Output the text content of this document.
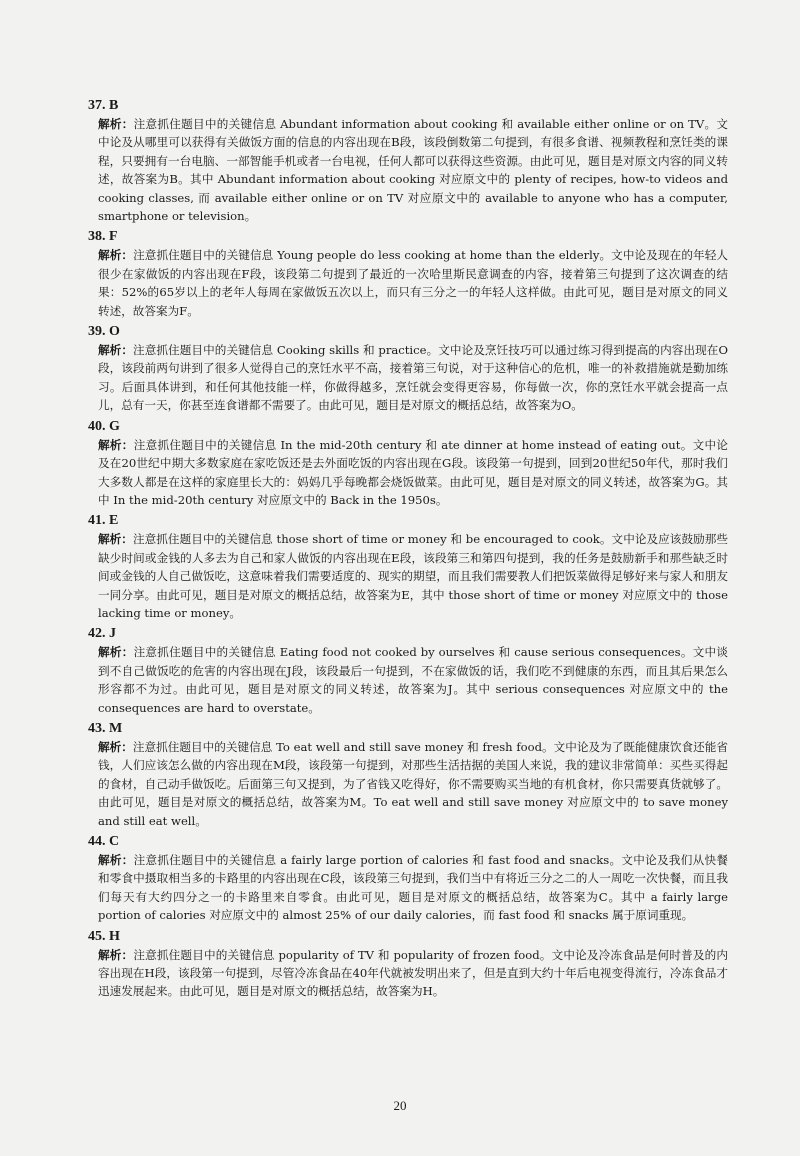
37. B

解析：注意抓住题目中的关键信息 Abundant information about cooking 和 available either online or on TV。文中论及从哪里可以获得有关做饭方面的信息的内容出现在B段，该段倒数第二句提到，有很多食谱、视频教程和烹饪类的课程，只要拥有一台电脑、一部智能手机或者一台电视，任何人都可以获得这些资源。由此可见，题目是对原文内容的同义转述，故答案为B。其中 Abundant information about cooking 对应原文中的 plenty of recipes, how-to videos and cooking classes, 而 available either online or on TV 对应原文中的 available to anyone who has a computer, smartphone or television。

38. F

解析：注意抓住题目中的关键信息 Young people do less cooking at home than the elderly。文中论及现在的年轻人很少在家做饭的内容出现在F段，该段第二句提到了最近的一次哈里斯民意调查的内容，接着第三句提到了这次调查的结果：52%的65岁以上的老年人每周在家做饭五次以上，而只有三分之一的年轻人这样做。由此可见，题目是对原文的同义转述，故答案为F。

39. O

解析：注意抓住题目中的关键信息 Cooking skills 和 practice。文中论及烹饪技巧可以通过练习得到提高的内容出现在O段，该段前两句讲到了很多人觉得自己的烹饪水平不高，接着第三句说，对于这种信心的危机，唯一的补救措施就是勤加练习。后面具体讲到，和任何其他技能一样，你做得越多，烹饪就会变得更容易，你每做一次，你的烹饪水平就会提高一点儿，总有一天，你甚至连食谱都不需要了。由此可见，题目是对原文的概括总结，故答案为O。

40. G

解析：注意抓住题目中的关键信息 In the mid-20th century 和 ate dinner at home instead of eating out。文中论及在20世纪中期大多数家庭在家吃饭还是去外面吃饭的内容出现在G段。该段第一句提到，回到20世纪50年代，那时我们大多数人都是在这样的家庭里长大的：妈妈几乎每晚都会烧饭做菜。由此可见，题目是对原文的同义转述，故答案为G。其中 In the mid-20th century 对应原文中的 Back in the 1950s。

41. E

解析：注意抓住题目中的关键信息 those short of time or money 和 be encouraged to cook。文中论及应该鼓励那些缺少时间或金钱的人多去为自己和家人做饭的内容出现在E段，该段第三和第四句提到，我的任务是鼓励新手和那些缺乏时间或金钱的人自己做饭吃，这意味着我们需要适度的、现实的期望，而且我们需要教人们把饭菜做得足够好来与家人和朋友一同分享。由此可见，题目是对原文的概括总结，故答案为E，其中 those short of time or money 对应原文中的 those lacking time or money。

42. J

解析：注意抓住题目中的关键信息 Eating food not cooked by ourselves 和 cause serious consequences。文中谈到不自己做饭吃的危害的内容出现在J段，该段最后一句提到，不在家做饭的话，我们吃不到健康的东西，而且其后果怎么形容都不为过。由此可见，题目是对原文的同义转述，故答案为J。其中 serious consequences 对应原文中的 the consequences are hard to overstate。

43. M

解析：注意抓住题目中的关键信息 To eat well and still save money 和 fresh food。文中论及为了既能健康饮食还能省钱，人们应该怎么做的内容出现在M段，该段第一句提到，对那些生活拮据的美国人来说，我的建议非常简单：买些买得起的食材，自己动手做饭吃。后面第三句又提到，为了省钱又吃得好，你不需要购买当地的有机食材，你只需要真货就够了。由此可见，题目是对原文的概括总结，故答案为M。To eat well and still save money 对应原文中的 to save money and still eat well。

44. C

解析：注意抓住题目中的关键信息 a fairly large portion of calories 和 fast food and snacks。文中论及我们从快餐和零食中摄取相当多的卡路里的内容出现在C段，该段第三句提到，我们当中有将近三分之二的人一周吃一次快餐，而且我们每天有大约四分之一的卡路里来自零食。由此可见，题目是对原文的概括总结，故答案为C。其中 a fairly large portion of calories 对应原文中的 almost 25% of our daily calories，而 fast food 和 snacks 属于原词重现。

45. H

解析：注意抓住题目中的关键信息 popularity of TV 和 popularity of frozen food。文中论及冷冻食品是何时普及的内容出现在H段，该段第一句提到，尽管冷冻食品在40年代就被发明出来了，但是直到大约十年后电视变得流行，冷冻食品才迅速发展起来。由此可见，题目是对原文的概括总结，故答案为H。

20
